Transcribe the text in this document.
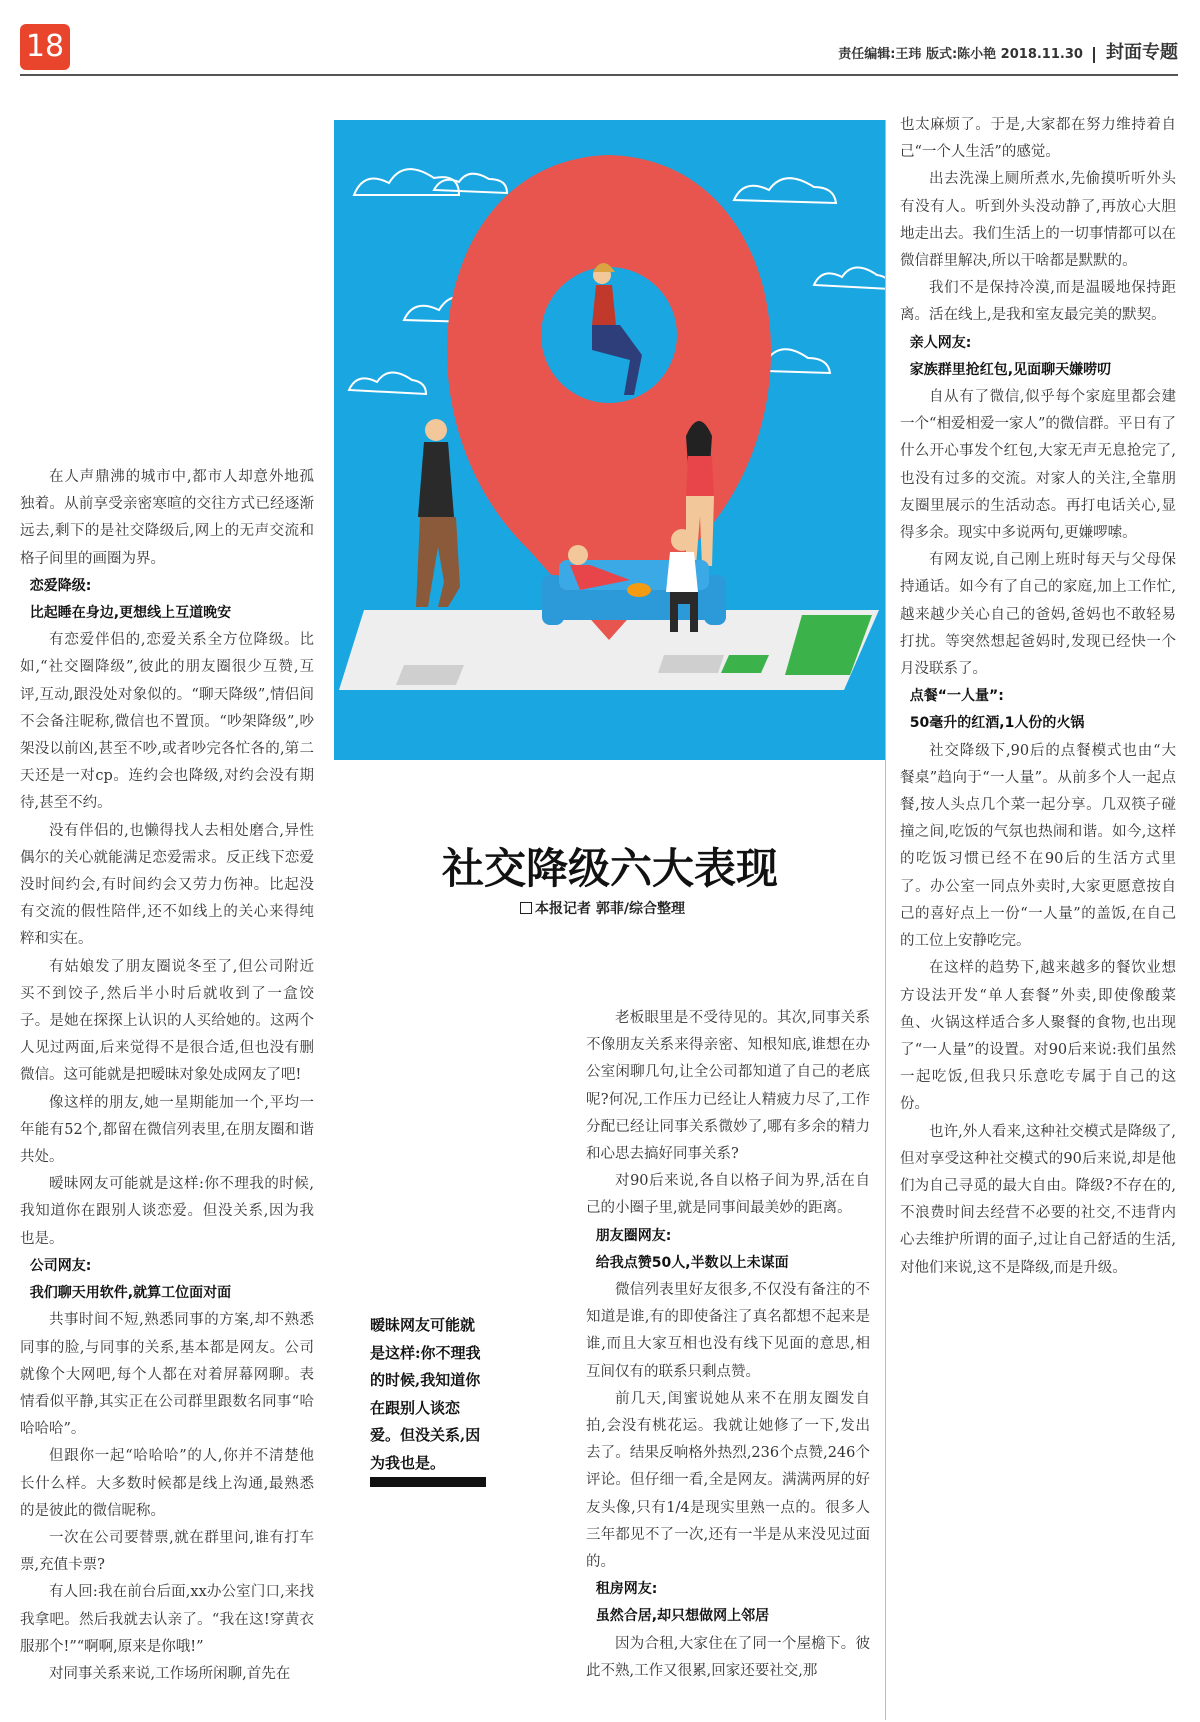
18	责任编辑:王玮 版式:陈小艳 2018.11.30 封面专题

在人声鼎沸的城市中,都市人却意外地孤独着。从前享受亲密寒暄的交往方式已经逐渐远去,剩下的是社交降级后,网上的无声交流和格子间里的画圈为界。

恋爱降级:

比起睡在身边,更想线上互道晚安

有恋爱伴侣的,恋爱关系全方位降级。比如,“社交圈降级”,彼此的朋友圈很少互赞,互评,互动,跟没处对象似的。“聊天降级”,情侣间不会备注昵称,微信也不置顶。“吵架降级”,吵架没以前凶,甚至不吵,或者吵完各忙各的,第二天还是一对cp。连约会也降级,对约会没有期待,甚至不约。

没有伴侣的,也懒得找人去相处磨合,异性偶尔的关心就能满足恋爱需求。反正线下恋爱没时间约会,有时间约会又劳力伤神。比起没有交流的假性陪伴,还不如线上的关心来得纯粹和实在。

有姑娘发了朋友圈说冬至了,但公司附近买不到饺子,然后半小时后就收到了一盒饺子。是她在探探上认识的人买给她的。这两个人见过两面,后来觉得不是很合适,但也没有删微信。这可能就是把暧昧对象处成网友了吧!

像这样的朋友,她一星期能加一个,平均一年能有52个,都留在微信列表里,在朋友圈和谐共处。

暧昧网友可能就是这样:你不理我的时候,我知道你在跟别人谈恋爱。但没关系,因为我也是。

公司网友:

我们聊天用软件,就算工位面对面

共事时间不短,熟悉同事的方案,却不熟悉同事的脸,与同事的关系,基本都是网友。公司就像个大网吧,每个人都在对着屏幕网聊。表情看似平静,其实正在公司群里跟数名同事“哈哈哈哈”。

但跟你一起“哈哈哈”的人,你并不清楚他长什么样。大多数时候都是线上沟通,最熟悉的是彼此的微信昵称。

一次在公司要替票,就在群里问,谁有打车票,充值卡票?

有人回:我在前台后面,xx办公室门口,来找我拿吧。然后我就去认亲了。“我在这!穿黄衣服那个!”“啊啊,原来是你哦!”

对同事关系来说,工作场所闲聊,首先在

社交降级六大表现
本报记者 郭菲/综合整理
暧昧网友可能就是这样:你不理我的时候,我知道你在跟别人谈恋爱。但没关系,因为我也是。

老板眼里是不受待见的。其次,同事关系不像朋友关系来得亲密、知根知底,谁想在办公室闲聊几句,让全公司都知道了自己的老底呢?何况,工作压力已经让人精疲力尽了,工作分配已经让同事关系微妙了,哪有多余的精力和心思去搞好同事关系?

对90后来说,各自以格子间为界,活在自己的小圈子里,就是同事间最美妙的距离。

朋友圈网友:

给我点赞50人,半数以上未谋面

微信列表里好友很多,不仅没有备注的不知道是谁,有的即使备注了真名都想不起来是谁,而且大家互相也没有线下见面的意思,相互间仅有的联系只剩点赞。

前几天,闺蜜说她从来不在朋友圈发自拍,会没有桃花运。我就让她修了一下,发出去了。结果反响格外热烈,236个点赞,246个评论。但仔细一看,全是网友。满满两屏的好友头像,只有1/4是现实里熟一点的。很多人三年都见不了一次,还有一半是从来没见过面的。

租房网友:

虽然合居,却只想做网上邻居

因为合租,大家住在了同一个屋檐下。彼此不熟,工作又很累,回家还要社交,那

也太麻烦了。于是,大家都在努力维持着自己“一个人生活”的感觉。

出去洗澡上厕所煮水,先偷摸听听外头有没有人。听到外头没动静了,再放心大胆地走出去。我们生活上的一切事情都可以在微信群里解决,所以干啥都是默默的。

我们不是保持冷漠,而是温暖地保持距离。活在线上,是我和室友最完美的默契。

亲人网友:

家族群里抢红包,见面聊天嫌唠叨

自从有了微信,似乎每个家庭里都会建一个“相爱相爱一家人”的微信群。平日有了什么开心事发个红包,大家无声无息抢完了,也没有过多的交流。对家人的关注,全靠朋友圈里展示的生活动态。再打电话关心,显得多余。现实中多说两句,更嫌啰嗦。

有网友说,自己刚上班时每天与父母保持通话。如今有了自己的家庭,加上工作忙,越来越少关心自己的爸妈,爸妈也不敢轻易打扰。等突然想起爸妈时,发现已经快一个月没联系了。

点餐“一人量”:

50毫升的红酒,1人份的火锅

社交降级下,90后的点餐模式也由“大餐桌”趋向于“一人量”。从前多个人一起点餐,按人头点几个菜一起分享。几双筷子碰撞之间,吃饭的气氛也热闹和谐。如今,这样的吃饭习惯已经不在90后的生活方式里了。办公室一同点外卖时,大家更愿意按自己的喜好点上一份“一人量”的盖饭,在自己的工位上安静吃完。

在这样的趋势下,越来越多的餐饮业想方设法开发“单人套餐”外卖,即使像酸菜鱼、火锅这样适合多人聚餐的食物,也出现了“一人量”的设置。对90后来说:我们虽然一起吃饭,但我只乐意吃专属于自己的这份。

也许,外人看来,这种社交模式是降级了,但对享受这种社交模式的90后来说,却是他们为自己寻觅的最大自由。降级?不存在的,不浪费时间去经营不必要的社交,不违背内心去维护所谓的面子,过让自己舒适的生活,对他们来说,这不是降级,而是升级。
